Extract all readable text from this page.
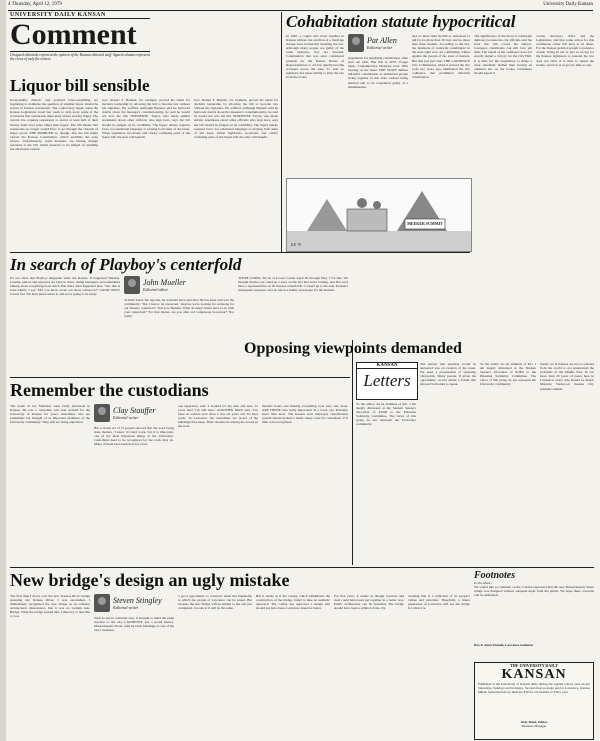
4 Thursday, April 12, 1979	University Daily Kansan
UNIVERSITY DAILY KANSAN
Comment
Unsigned editorials represent the opinion of the Kansan editorial staff. Signed columns represent the views of only the writers.
Liquor bill sensible
Irresponsible rhetoric and political fence-straddling are beginning to dominate the question of whether liquor should be served in Kansas restaurants. The controversy began when the Kansas Legislature voted last week to strip away some of the provisions that restaurants must meet before serving liquor. The current law requires restaurants to derive at least half of their money from food sales rather than liquor. The bill means that restaurants no longer would have to go through the charade of liquor pools. THE PROBLEM is, though, that the bill might violate the Kansas Constitution, which prohibits the open saloon. Unfortunately, some Kansans are having strange reactions to the bill, which deserves to be judged on anything but emotional content.
Gov. Robert F. Bennett, for example, proved his talent for decisive leadership by allowing the bill to become law without his signature. He waffled. Although Bennett said he harbored doubts about the measure's constitutionality, he said he would not veto the bill. NONSENSE. Taylor, who made similar statements about other officials who sign laws, says the bill should be judged on its credibility. The liquor debate requires facts, not emotional language or playing both sides of the issue. When legislators reconvene and clarify confusing parts of the liquor bill, the state will benefit.
Gov. Robert F. Bennett, for example, proved his talent for decisive leadership by allowing the bill to become law without his signature. He waffled. Although Bennett said he harbored doubts about the measure's constitutionality, he said he would not veto the bill. NONSENSE. Taylor, who made similar statements about other officials who sign laws, says the bill should be judged on its credibility. The liquor debate requires facts, not emotional language or playing both sides of the issue. When legislators reconvene and clarify confusing parts of the liquor bill, the state will benefit.
Cohabitation statute hypocritical
In 1967, a couple who lived together in Kansas without the sanction of a marriage license were technically breaking the law. Although many people are guilty of the same behavior, few are arrested. Cohabitation that was once considered grounds for the Kansas House of Representatives to act has quietly become accepted across the state. To date no legislator has been willing to strip the law from the books.
Pat Allen
Editorial writer
Arguments for legalizing cohabitation often start out with, 'But this is 1979.' Forget them. Contemporary lifestyles have little bearing on the issue. THE STATE defines unlawful cohabitation as unmarried people living together in this state without being married and to be considered guilty of a misdemeanor.
and no more than $1,000 or sentenced to jail for no more than 30 days and no more than three months. According to the law, the hundreds of 'unlawful cohabitants' in the state right now are committing crimes against the people of the state of Kansas. But that just isn't true. THE LAWRENCE City Commission, when it revised the city code two years ago, eliminated the city ordinance that prohibited unlawful cohabitation.
The significance of the move is somewhat dubious, because the city officials said the state law still covers the subject. Lawrence cohabitants can still face jail time. The repeal of the ordinance does not exactly signal a victory for the City Hall. It is time for the Legislature to make a clear statement. Rather than leaving an outdated law on the books, lawmakers should repeal it.
county attorney's office and the Legislature, and that some action for this continuous crime will have to be taken. For the Kansas judicial system to punish a couple 'living in sin' is just as wrong for the Kansas legislators to pretend the law does not exist. It is time to repeal the statute, and now is as good a time as any.
MEEKER SUMMIT
KU 79
In search of Playboy's centerfold
It's not often that Playboy magazine visits the Kansas. It happened Tuesday. Usually, editors and reporters are busy in cities, taking messages, and sometimes talking about everything from lunch. But that's what happened here. 'Ten, this is John Smith,' I say. 'Did you know about our show tomorrow?' GOOD NEWS travels fast. We have heard about it, and we're going to be ready.
John Mueller
Editorial editor
'It didn't know the reporter, he wouldn't have said that. He has been active in the community.' 'Yes, I know,' he answered. 'Anyone we're looking for someone for our January centerfold.' 'Tell you, Bennett. What do many others have to do with your centerfold?' For that matter, are you after our voluptuous Governor? 'Not really.'
'WE'RE GOING TO be at Crown Center April 20 through May 7 for this. We thought maybe you could do a story on the fact that we're coming, and that we'd have a representative on all Kansas centerfolds.' I wasn't up to the task. Kansan's subsequent response can't be run in a family newspaper for the Kansan.
Remember the custodians
The death of Joe Martinez went fairly unnoticed in Kansas. He was a custodian who had worked for the University of Kansas for years, custodians who are sometimes not thought of as important members of the University community. They still are being unnoticed.
Clay Stauffer
Editorial writer
But a recent act of 15 people showed that the work being done matters. 'I know it's hard work, but it is important, one of the most important things at the University.' Custodians need to be recognized for the work they do. Many of them have been here for years.
one supervisor said. 'I worked for my dad, and now, 12 years later, I'm still here.' ANOTHER MAN said, 'I've been on welfare ever since I was six years old. It's hard work.' In Lawrence, the custodians are proud of the buildings they keep. Their salaries are among the lowest in the state.
month's hours and making everything look new and clean. ARE THOSE jobs really important? In a word, yes. Probably more than most. The Kansas state employee classification system should include a better salary scale for custodians. It is time to be recognized.
Opposing viewpoints demanded
KANSAN
Letters
To the editor: As an alumnus of KU, I am deeply distressed at the Student Senate's allocation of $1000 to the Palestine Solidarity Committee. The views of this group do not represent the University community.
The answer that question would be answered was an evasion of the issue. We need a presentation of opposing viewpoints. Many people, if given the opportunity, would attend a forum that allowed both sides to speak.
To the editor: As an alumnus of KU, I am deeply distressed at the Student Senate's allocation of $1000 to the Palestine Solidarity Committee. The views of this group do not represent the University community.
Surely we in Kansas are not so isolated from the world to not understand the problems of the Middle East. In our more than 20 years of peace here in Lawrence, every side should be heard. Marjorie Stanwood, Kansas City graduate student.
New bridge's design an ugly mistake
The first time I drove over the new 'Kansas River' bridge spanning the Kansas River, I was astonished. I immediately recognized the new bridge as an ordinary architectural masterpiece, that it was no Golden Gate Bridge. What the bridge looked like, I must try to describe to you.
Steven Stingley
Editorial writer
Such as any in a murder case, it brought to mind the same reaction to the city. LAWRENCE has a proud history. Massachusetts Street, with its brick buildings, is one of the city's treasures.
a good opportunity to construct sleek and handsome to which the people of Lawrence can be proud. But because the new bridge will be similar to the one just completed, it looks at it will be the same.
But it seems as if the county, which administers the construction of the bridge, failed to take an aesthetic approach. The county has approved a design that should not have been. Lawrence deserves better.
For that price, it seems as though concrete and steel could have been put together in a better way. Public architecture can be beautiful. The bridge should have been a symbol of the city.
cleaning that is a reflection of its people's values and priorities. Hopefully, a future generation of Lawrence will see the bridge for what it is.
Footnotes
In the editor:
We would like to comment on the concern expressed that the new Massachusetts Street bridge was designed without adequate input from the public. We hope these concerns will be addressed.
Rex & Anne Fennell, Lawrence residents
THE UNIVERSITY DAILY
KANSAN
Published at the University of Kansas daily during the regular school year except Saturdays, Sundays and holidays. Second-class postage paid at Lawrence, Kansas 66044. Subscriptions by mail are $10 for six months or $18 a year.
Judy Bond, Editor
Business Manager
